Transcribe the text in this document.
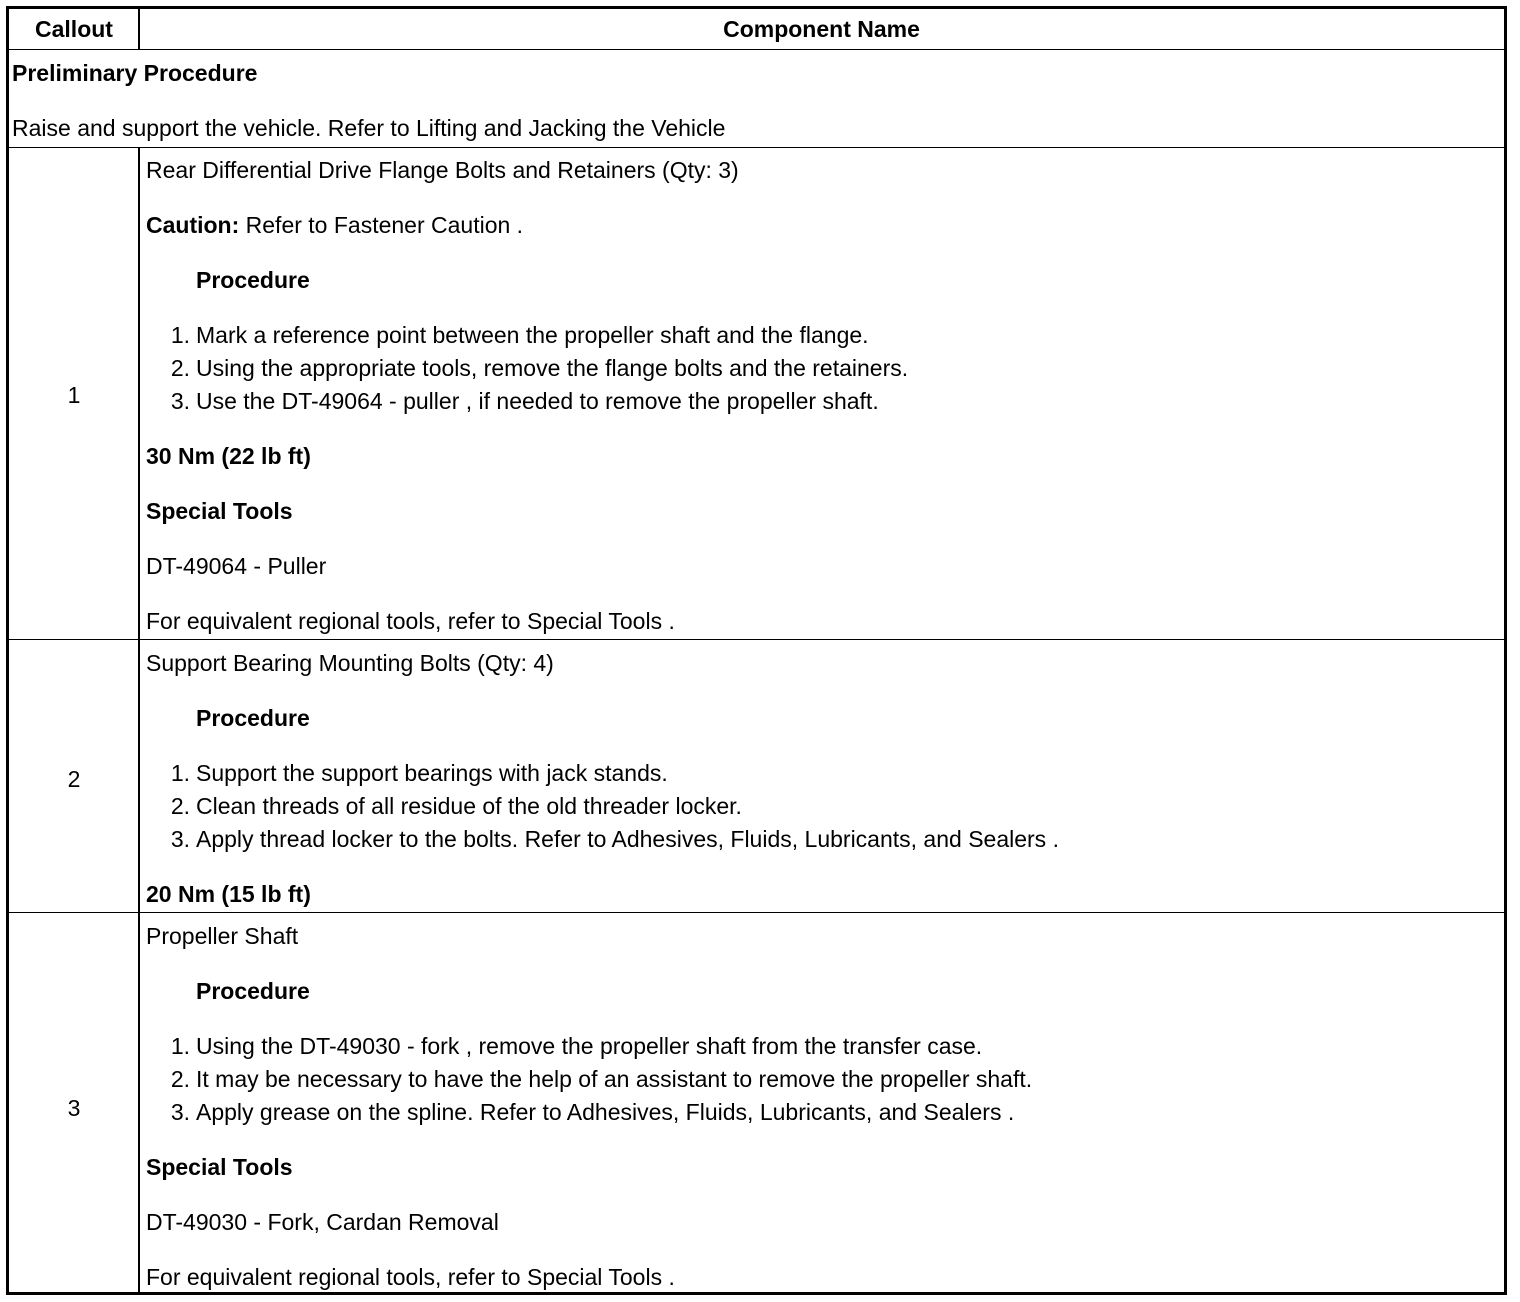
Callout	Component Name
Preliminary Procedure
Raise and support the vehicle. Refer to Lifting and Jacking the Vehicle
1
Rear Differential Drive Flange Bolts and Retainers (Qty: 3)
Caution: Refer to Fastener Caution .
Procedure
1. Mark a reference point between the propeller shaft and the flange.
2. Using the appropriate tools, remove the flange bolts and the retainers.
3. Use the DT-49064 - puller , if needed to remove the propeller shaft.
30 Nm (22 lb ft)
Special Tools
DT-49064 - Puller
For equivalent regional tools, refer to Special Tools .
2
Support Bearing Mounting Bolts (Qty: 4)
Procedure
1. Support the support bearings with jack stands.
2. Clean threads of all residue of the old threader locker.
3. Apply thread locker to the bolts. Refer to Adhesives, Fluids, Lubricants, and Sealers .
20 Nm (15 lb ft)
3
Propeller Shaft
Procedure
1. Using the DT-49030 - fork , remove the propeller shaft from the transfer case.
2. It may be necessary to have the help of an assistant to remove the propeller shaft.
3. Apply grease on the spline. Refer to Adhesives, Fluids, Lubricants, and Sealers .
Special Tools
DT-49030 - Fork, Cardan Removal
For equivalent regional tools, refer to Special Tools .
